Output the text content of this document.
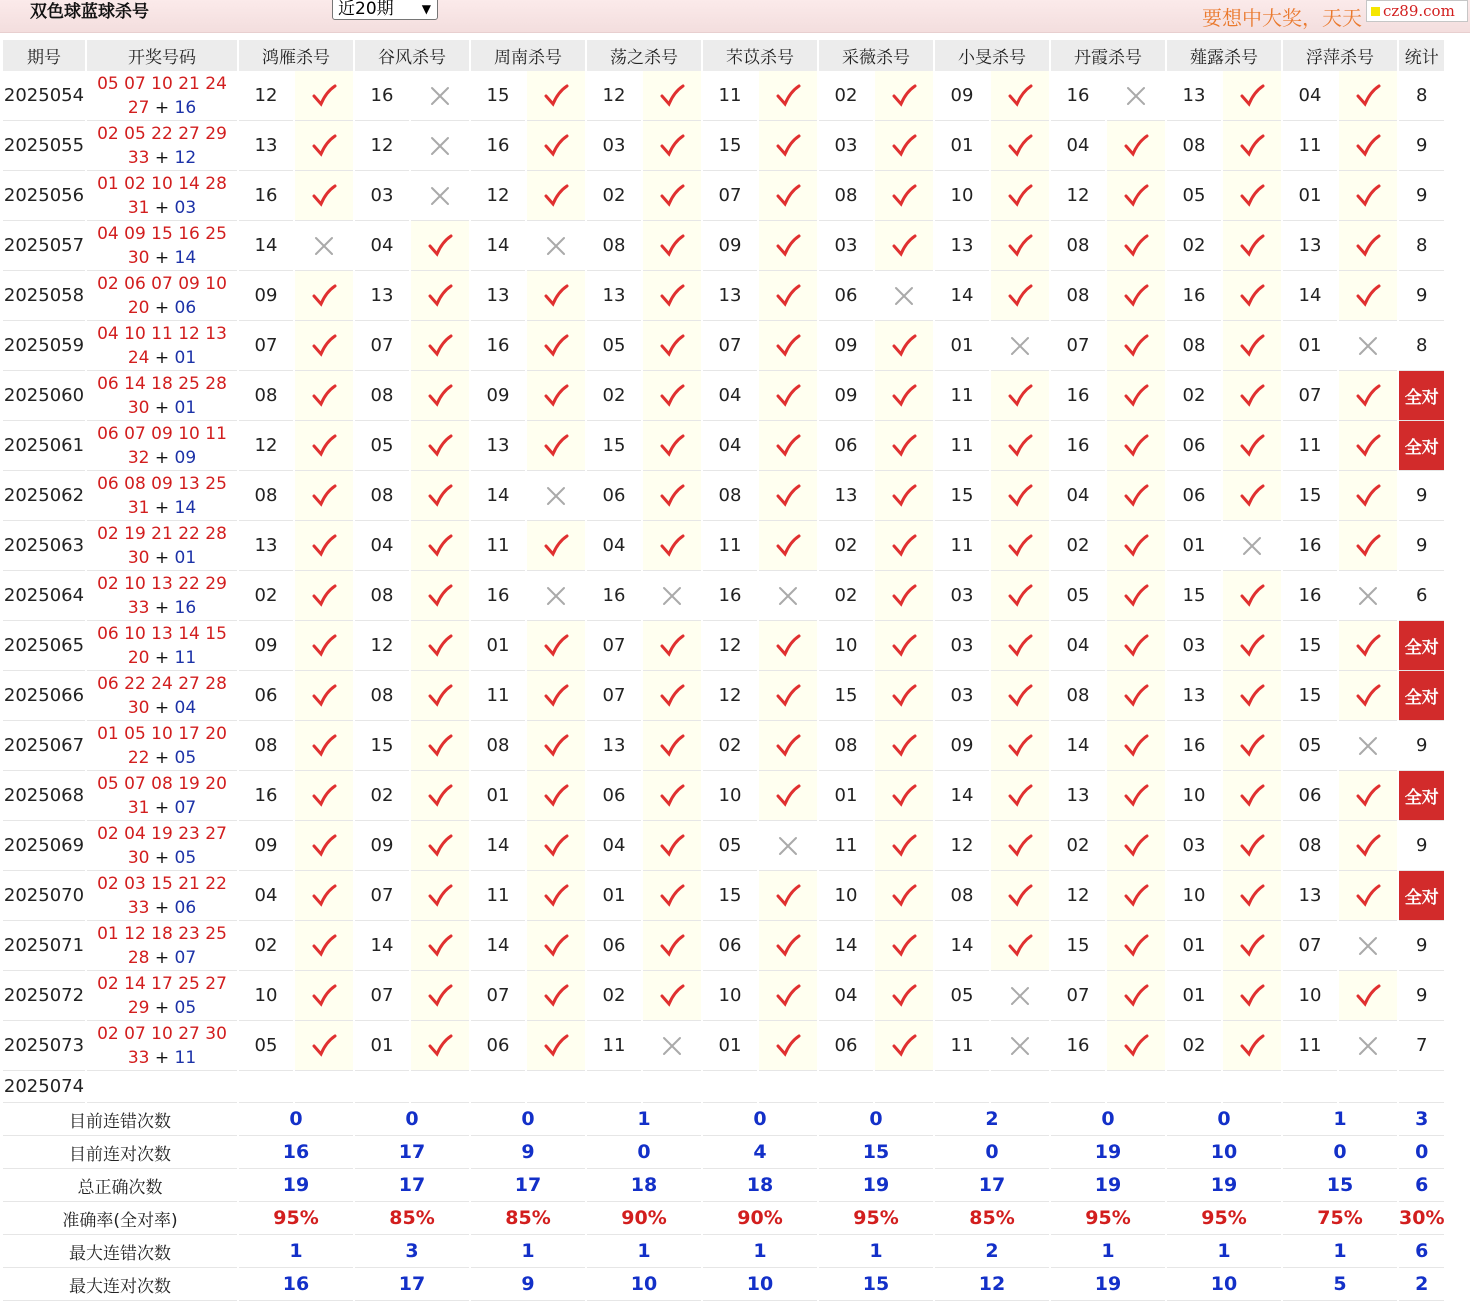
双色球蓝球杀号	近20期 ▼	要想中大奖，天天	cz89.com
期号	开奖号码	鸿雁杀号		谷风杀号		周南杀号		荡之杀号		芣苡杀号		采薇杀号		小旻杀号		丹霞杀号		薤露杀号		浮萍杀号		统计
2025054	05 07 10 21 24
27 + 16	12		16		15		12		11		02		09		16		13		04		8
2025055	02 05 22 27 29
33 + 12	13		12		16		03		15		03		01		04		08		11		9
2025056	01 02 10 14 28
31 + 03	16		03		12		02		07		08		10		12		05		01		9
2025057	04 09 15 16 25
30 + 14	14		04		14		08		09		03		13		08		02		13		8
2025058	02 06 07 09 10
20 + 06	09		13		13		13		13		06		14		08		16		14		9
2025059	04 10 11 12 13
24 + 01	07		07		16		05		07		09		01		07		08		01		8
2025060	06 14 18 25 28
30 + 01	08		08		09		02		04		09		11		16		02		07		全对
2025061	06 07 09 10 11
32 + 09	12		05		13		15		04		06		11		16		06		11		全对
2025062	06 08 09 13 25
31 + 14	08		08		14		06		08		13		15		04		06		15		9
2025063	02 19 21 22 28
30 + 01	13		04		11		04		11		02		11		02		01		16		9
2025064	02 10 13 22 29
33 + 16	02		08		16		16		16		02		03		05		15		16		6
2025065	06 10 13 14 15
20 + 11	09		12		01		07		12		10		03		04		03		15		全对
2025066	06 22 24 27 28
30 + 04	06		08		11		07		12		15		03		08		13		15		全对
2025067	01 05 10 17 20
22 + 05	08		15		08		13		02		08		09		14		16		05		9
2025068	05 07 08 19 20
31 + 07	16		02		01		06		10		01		14		13		10		06		全对
2025069	02 04 19 23 27
30 + 05	09		09		14		04		05		11		12		02		03		08		9
2025070	02 03 15 21 22
33 + 06	04		07		11		01		15		10		08		12		10		13		全对
2025071	01 12 18 23 25
28 + 07	02		14		14		06		06		14		14		15		01		07		9
2025072	02 14 17 25 27
29 + 05	10		07		07		02		10		04		05		07		01		10		9
2025073	02 07 10 27 30
33 + 11	05		01		06		11		01		06		11		16		02		11		7
2025074	当前期杀号	03		02		08		16		06		11		13		05		04		12		
目前连错次数		0		0		0		1		0		0		2		0		0		1		3
目前连对次数		16		17		9		0		4		15		0		19		10		0		0
总正确次数		19		17		17		18		18		19		17		19		19		15		6
准确率(全对率)		95%		85%		85%		90%		90%		95%		85%		95%		95%		75%		30%
最大连错次数		1		3		1		1		1		1		2		1		1		1		6
最大连对次数		16		17		9		10		10		15		12		19		10		5		2
